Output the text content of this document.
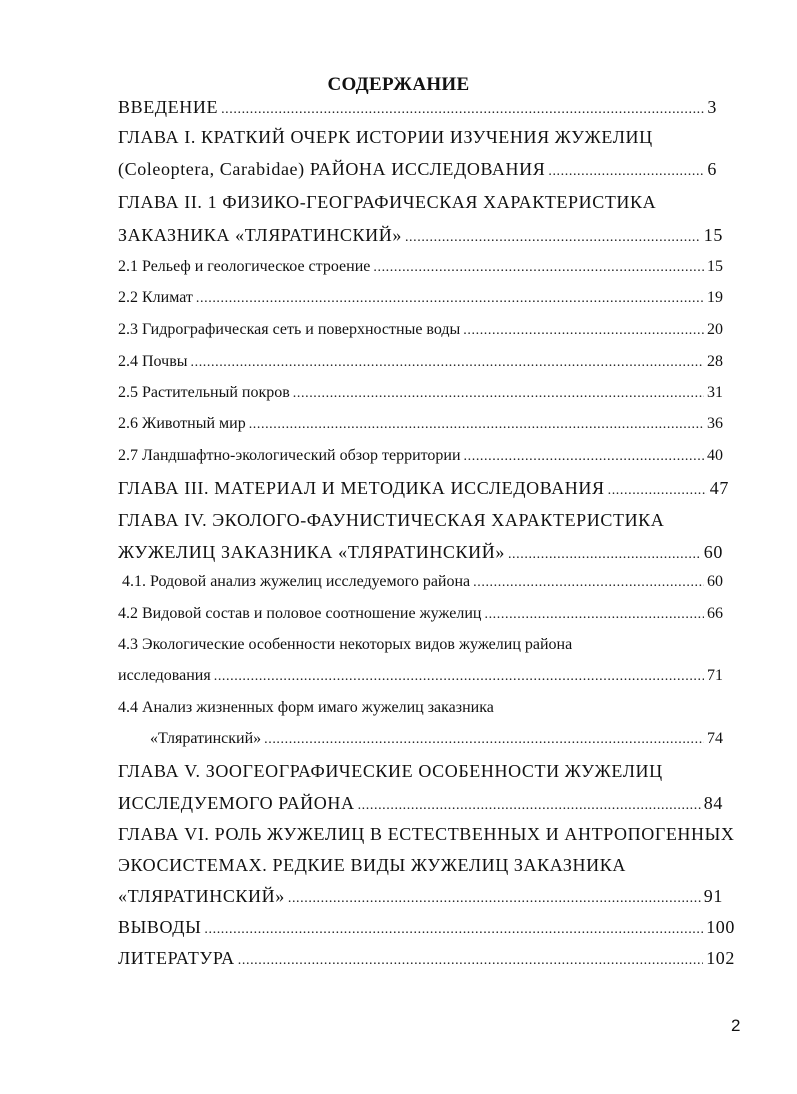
СОДЕРЖАНИЕ
ВВЕДЕНИЕ .....	3
ГЛАВА I. КРАТКИЙ ОЧЕРК ИСТОРИИ ИЗУЧЕНИЯ ЖУЖЕЛИЦ
(Coleoptera, Carabidae) РАЙОНА ИССЛЕДОВАНИЯ .....	6
ГЛАВА II. 1 ФИЗИКО-ГЕОГРАФИЧЕСКАЯ ХАРАКТЕРИСТИКА
ЗАКАЗНИКА «ТЛЯРАТИНСКИЙ» .....	15
2.1 Рельеф и геологическое строение .....	15
2.2 Климат .....	19
2.3 Гидрографическая сеть и поверхностные воды .....	20
2.4 Почвы .....	28
2.5 Растительный покров .....	31
2.6 Животный мир .....	36
2.7 Ландшафтно-экологический обзор территории .....	40
ГЛАВА III. МАТЕРИАЛ И МЕТОДИКА ИССЛЕДОВАНИЯ .....	47
ГЛАВА IV. ЭКОЛОГО-ФАУНИСТИЧЕСКАЯ ХАРАКТЕРИСТИКА
ЖУЖЕЛИЦ ЗАКАЗНИКА «ТЛЯРАТИНСКИЙ» .....	60
4.1. Родовой анализ жужелиц исследуемого района .....	60
4.2 Видовой состав и половое соотношение жужелиц .....	66
4.3 Экологические особенности некоторых видов жужелиц района
исследования .....	71
4.4 Анализ жизненных форм имаго жужелиц заказника
«Тляратинский» .....	74
ГЛАВА V. ЗООГЕОГРАФИЧЕСКИЕ ОСОБЕННОСТИ ЖУЖЕЛИЦ
ИССЛЕДУЕМОГО РАЙОНА .....	84
ГЛАВА VI. РОЛЬ ЖУЖЕЛИЦ В ЕСТЕСТВЕННЫХ И АНТРОПОГЕННЫХ
ЭКОСИСТЕМАХ. РЕДКИЕ ВИДЫ ЖУЖЕЛИЦ ЗАКАЗНИКА
«ТЛЯРАТИНСКИЙ» .....	91
ВЫВОДЫ .....	100
ЛИТЕРАТУРА .....	102
2
